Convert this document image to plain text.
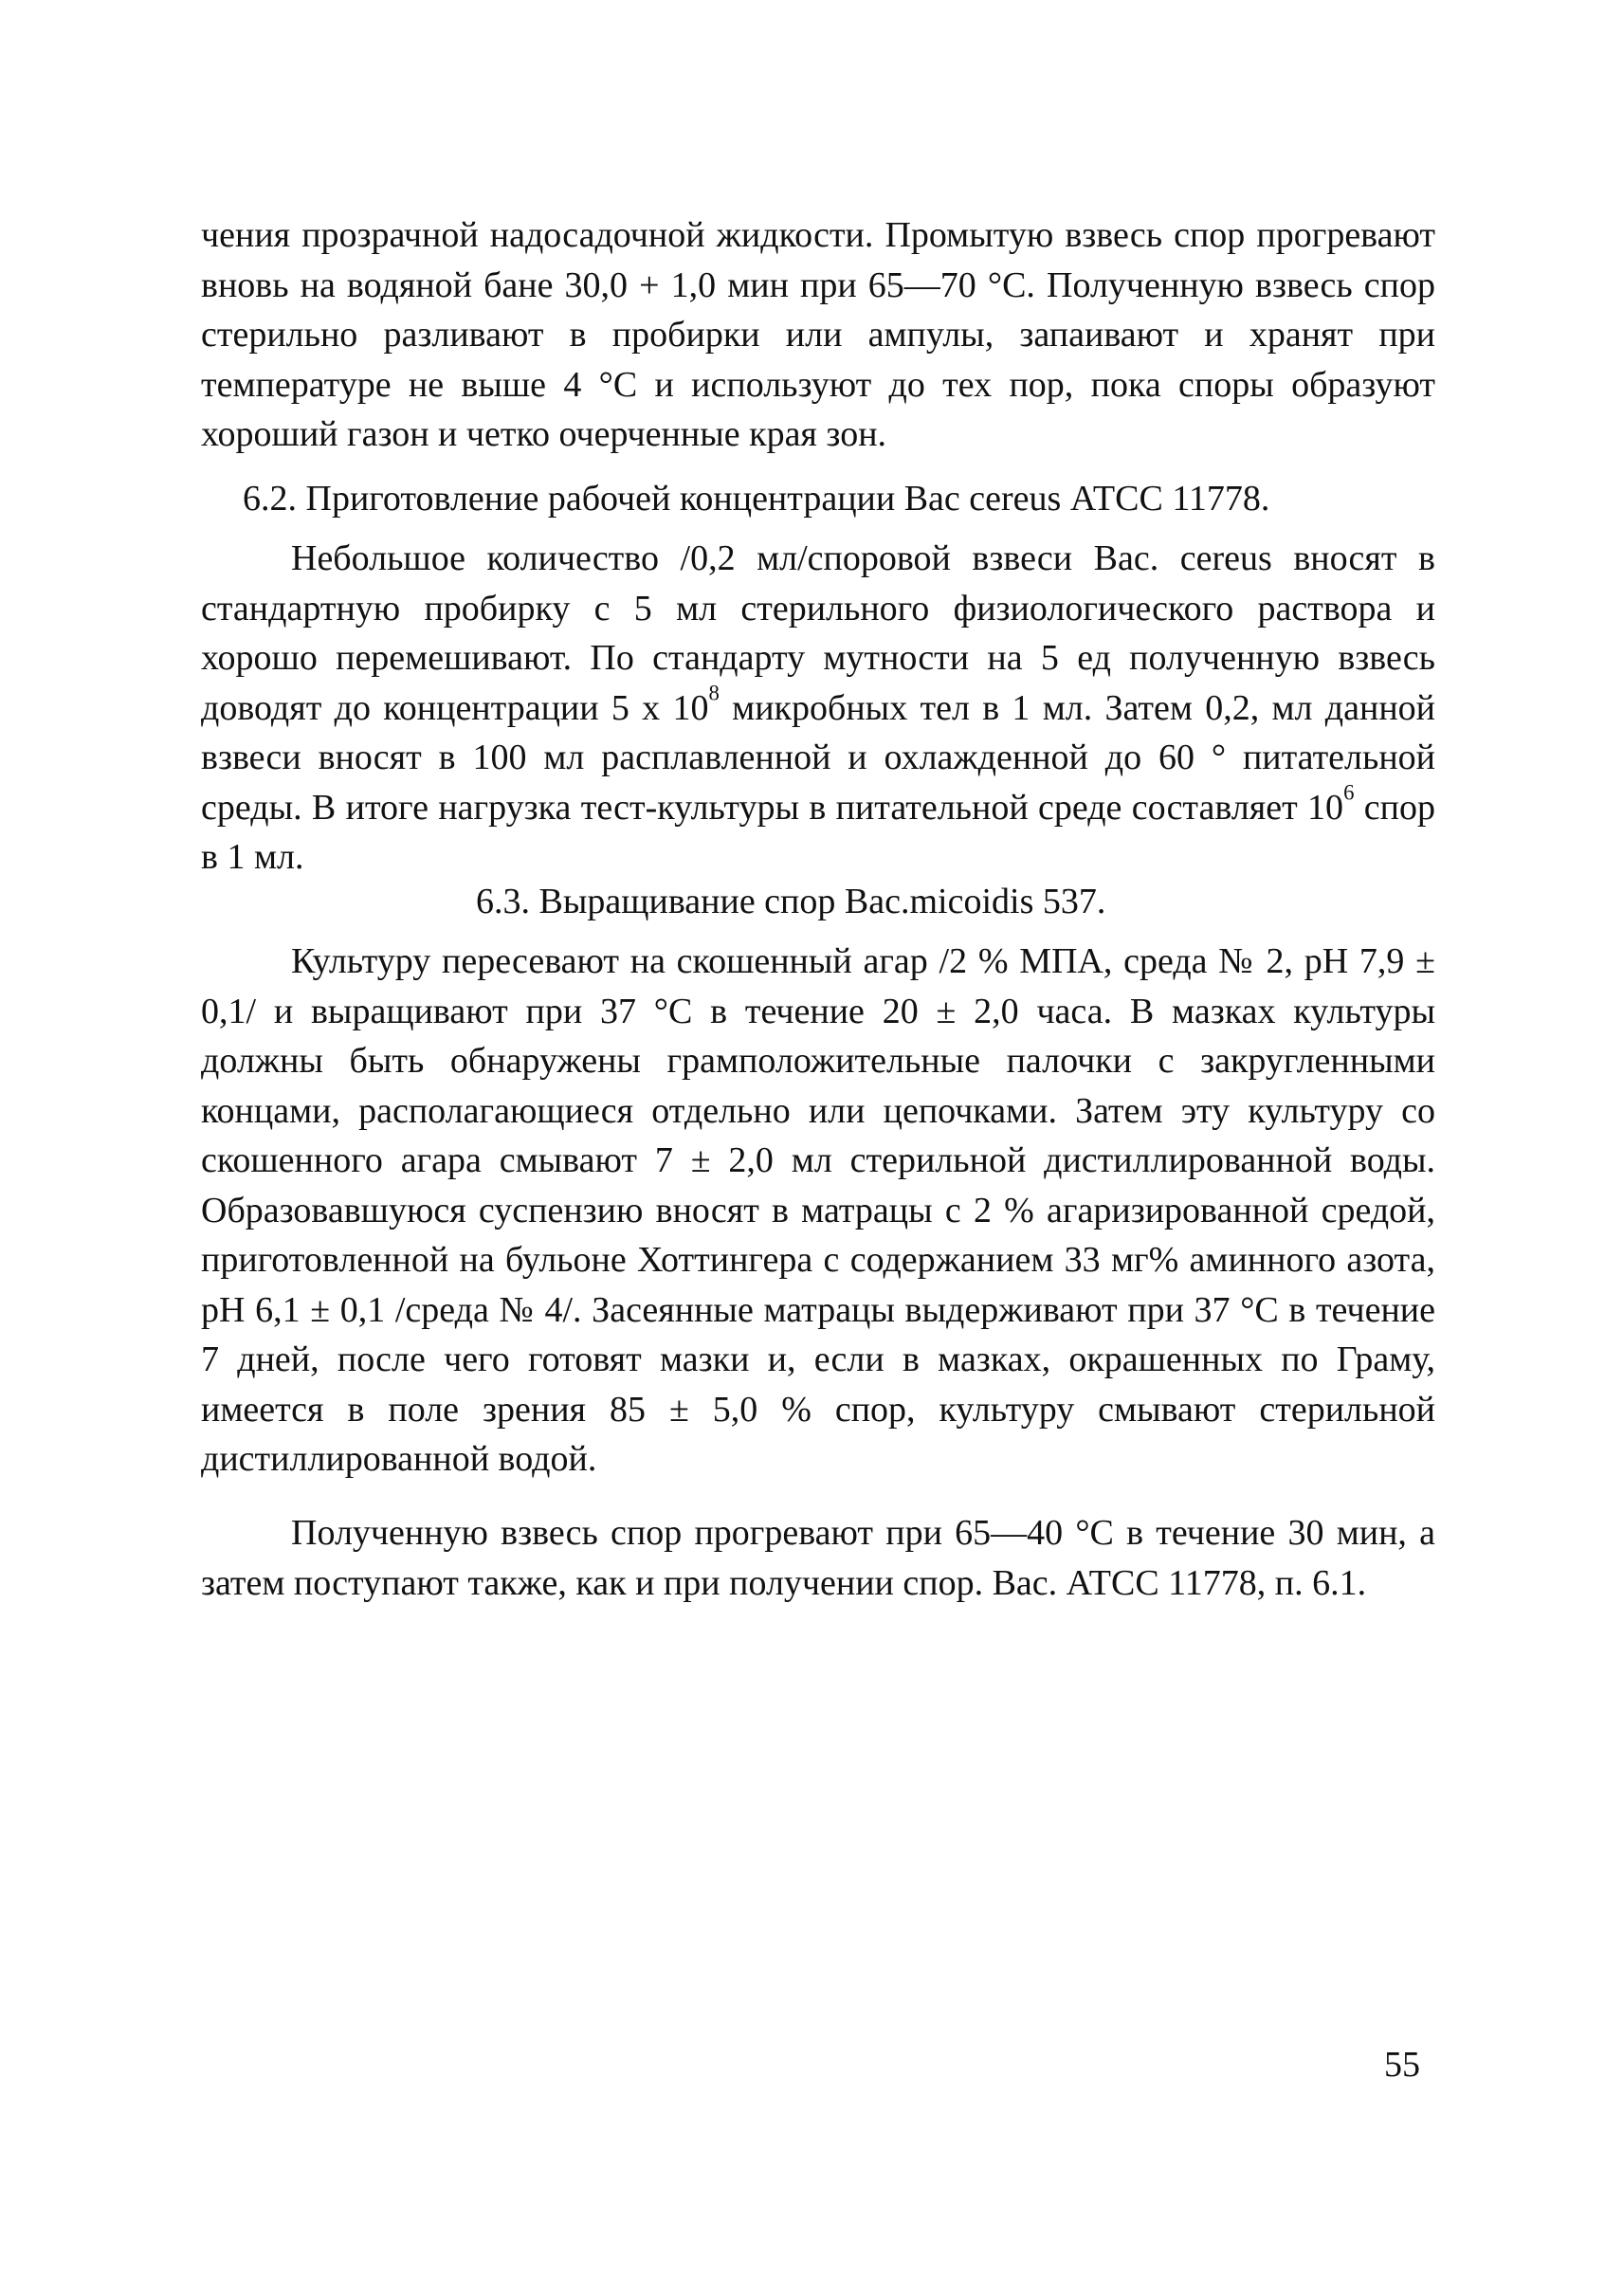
чения прозрачной надосадочной жидкости. Промытую взвесь спор прогревают вновь на водяной бане 30,0 + 1,0 мин при 65—70 °С. Полученную взвесь спор стерильно разливают в пробирки или ампулы, запаивают и хранят при температуре не выше 4 °С и используют до тех пор, пока споры образуют хороший газон и четко очерченные края зон.

6.2. Приготовление рабочей концентрации Вас cereus АТСС 11778.

Небольшое количество /0,2 мл/споровой взвеси Вас. cereus вносят в стандартную пробирку с 5 мл стерильного физиологического раствора и хорошо перемешивают. По стандарту мутности на 5 ед полученную взвесь доводят до концентрации 5 х $10^8$ микробных тел в 1 мл. Затем 0,2, мл данной взвеси вносят в 100 мл расплавленной и охлажденной до 60 ° питательной среды. В итоге нагрузка тест-культуры в питательной среде составляет $10^6$ спор в 1 мл.

6.3. Выращивание спор Bac.micoidis 537.

Культуру пересевают на скошенный агар /2 % МПА, среда № 2, рН 7,9 ± 0,1/ и выращивают при 37 °С в течение 20 ± 2,0 часа. В мазках культуры должны быть обнаружены грамположительные палочки с закругленными концами, располагающиеся отдельно или цепочками. Затем эту культуру со скошенного агара смывают 7 ± 2,0 мл стерильной дистиллированной воды. Образовавшуюся суспензию вносят в матрацы с 2 % агаризированной средой, приготовленной на бульоне Хоттингера с содержанием 33 мг% аминного азота, рН 6,1 ± 0,1 /среда № 4/. Засеянные матрацы выдерживают при 37 °С в течение 7 дней, после чего готовят мазки и, если в мазках, окрашенных по Граму, имеется в поле зрения 85 ± 5,0 % спор, культуру смывают стерильной дистиллированной водой.

Полученную взвесь спор прогревают при 65—40 °С в течение 30 мин, а затем поступают также, как и при получении спор. Вас. АТСС 11778, п. 6.1.

55
